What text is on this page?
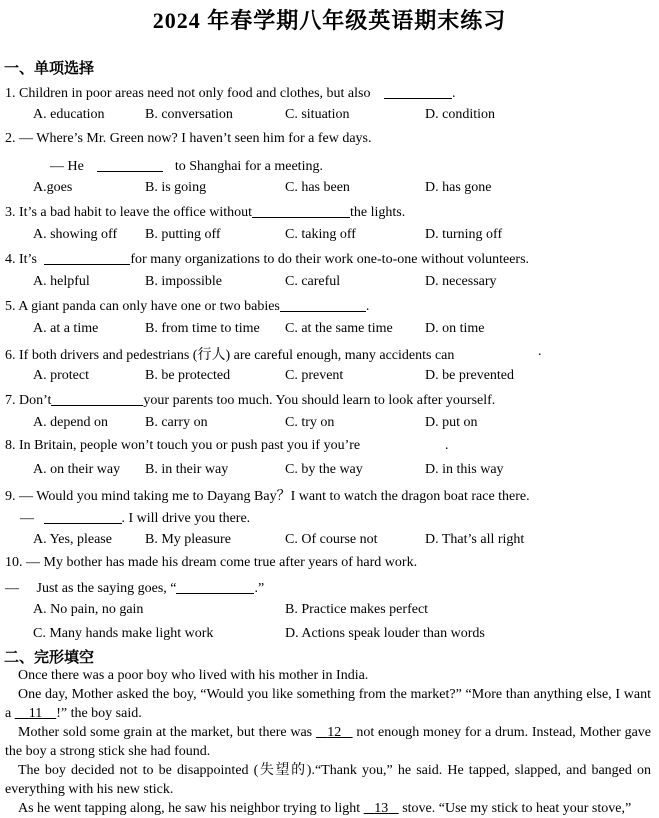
2024 年春学期八年级英语期末练习
一、单项选择
1. Children in poor areas need not only food and clothes, but also	.
A. education	B. conversation	C. situation	D. condition
2. — Where’s Mr. Green now? I haven’t seen him for a few days.
— He	to Shanghai for a meeting.
A.goes	B. is going	C. has been	D. has gone
3. It’s a bad habit to leave the office without	the lights.
A. showing off B. putting off	C. taking off	D. turning off
4. It’s	for many organizations to do their work one-to-one without volunteers.
A. helpful	B. impossible	C. careful	D. necessary
5. A giant panda can only have one or two babies	.
A. at a time	B. from time to time C. at the same time D. on time
6. If both drivers and pedestrians (行人) are careful enough, many accidents can	.
A. protect	B. be protected	C. prevent	D. be prevented
7. Don’t	your parents too much. You should learn to look after yourself.
A. depend on	B. carry on	C. try on	D. put on
8. In Britain, people won’t touch you or push past you if you’re	.
A. on their way B. in their way	C. by the way	D. in this way
9. — Would you mind taking me to Dayang Bay？I want to watch the dragon boat race there.
—	. I will drive you there.
A. Yes, please B. My pleasure	C. Of course not	D. That’s all right
10. — My bother has made his dream come true after years of hard work.
—     Just as the saying goes, “	.”
A. No pain, no gain	B. Practice makes perfect
C. Many hands make light work	D. Actions speak louder than words
二、完形填空
Once there was a poor boy who lived with his mother in India.
One day, Mother asked the boy, “Would you like something from the market?” “More than anything else, I want a 11 !” the boy said.
Mother sold some grain at the market, but there was 12 not enough money for a drum. Instead, Mother gave the boy a strong stick she had found.
The boy decided not to be disappointed (失望的).“Thank you,” he said. He tapped, slapped, and banged on everything with his new stick.
As he went tapping along, he saw his neighbor trying to light 13 stove. “Use my stick to heat your stove,”
